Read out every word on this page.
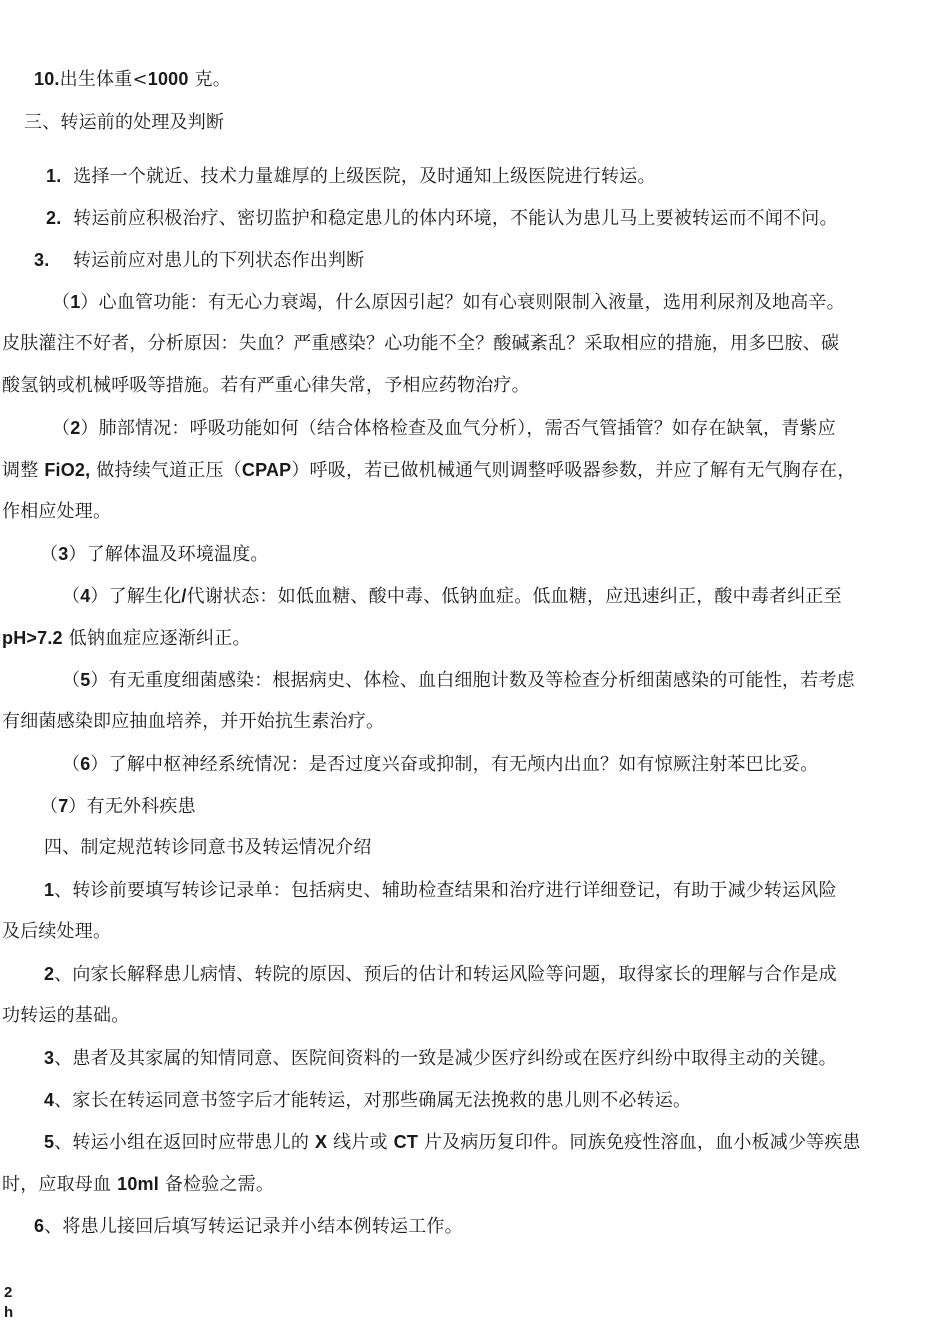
10.出生体重<1000 克。
三、转运前的处理及判断
1. 选择一个就近、技术力量雄厚的上级医院，及时通知上级医院进行转运。
2. 转运前应积极治疗、密切监护和稳定患儿的体内环境，不能认为患儿马上要被转运而不闻不问。
3. 转运前应对患儿的下列状态作出判断
（1）心血管功能：有无心力衰竭，什么原因引起？如有心衰则限制入液量，选用利尿剂及地高辛。
皮肤灌注不好者，分析原因：失血？严重感染？心功能不全？酸碱紊乱？采取相应的措施，用多巴胺、碳
酸氢钠或机械呼吸等措施。若有严重心律失常，予相应药物治疗。
（2）肺部情况：呼吸功能如何（结合体格检查及血气分析），需否气管插管？如存在缺氧，青紫应
调整 FiO2, 做持续气道正压（CPAP）呼吸，若已做机械通气则调整呼吸器参数，并应了解有无气胸存在，
作相应处理。
（3）了解体温及环境温度。
（4）了解生化/代谢状态：如低血糖、酸中毒、低钠血症。低血糖，应迅速纠正，酸中毒者纠正至
pH>7.2 低钠血症应逐渐纠正。
（5）有无重度细菌感染：根据病史、体检、血白细胞计数及等检查分析细菌感染的可能性，若考虑
有细菌感染即应抽血培养，并开始抗生素治疗。
（6）了解中枢神经系统情况：是否过度兴奋或抑制，有无颅内出血？如有惊厥注射苯巴比妥。
（7）有无外科疾患
四、制定规范转诊同意书及转运情况介绍
1、转诊前要填写转诊记录单：包括病史、辅助检查结果和治疗进行详细登记，有助于减少转运风险
及后续处理。
2、向家长解释患儿病情、转院的原因、预后的估计和转运风险等问题，取得家长的理解与合作是成
功转运的基础。
3、患者及其家属的知情同意、医院间资料的一致是减少医疗纠纷或在医疗纠纷中取得主动的关键。
4、家长在转运同意书签字后才能转运，对那些确属无法挽救的患儿则不必转运。
5、转运小组在返回时应带患儿的 X 线片或 CT 片及病历复印件。同族免疫性溶血，血小板减少等疾患
时，应取母血 10ml 备检验之需。
6、将患儿接回后填写转运记录并小结本例转运工作。
2
h
